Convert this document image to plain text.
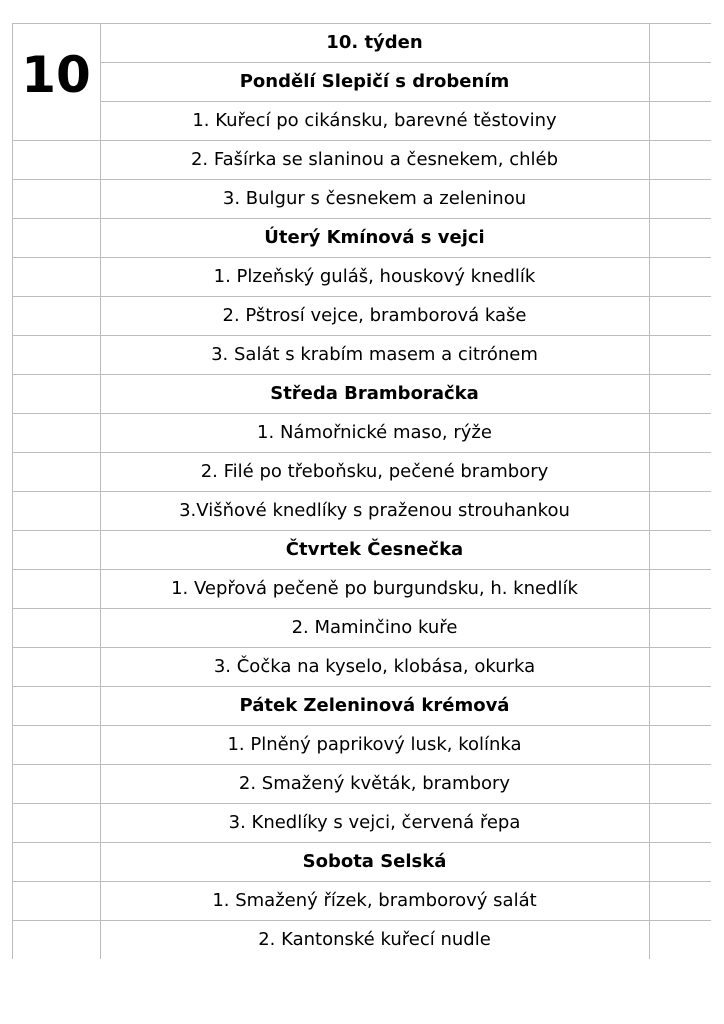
10
10. týden
Pondělí Slepičí s drobením
1. Kuřecí po cikánsku, barevné těstoviny
2. Fašírka se slaninou a česnekem, chléb
3. Bulgur s česnekem a zeleninou
Úterý Kmínová s vejci
1. Plzeňský guláš, houskový knedlík
2. Pštrosí vejce, bramborová kaše
3. Salát s krabím masem a citrónem
Středa Bramboračka
1. Námořnické maso, rýže
2. Filé po třeboňsku, pečené brambory
3.Višňové knedlíky s praženou strouhankou
Čtvrtek Česnečka
1. Vepřová pečeně po burgundsku, h. knedlík
2. Maminčino kuře
3. Čočka na kyselo, klobása, okurka
Pátek Zeleninová krémová
1. Plněný paprikový lusk, kolínka
2. Smažený květák, brambory
3. Knedlíky s vejci, červená řepa
Sobota Selská
1. Smažený řízek, bramborový salát
2. Kantonské kuřecí nudle
